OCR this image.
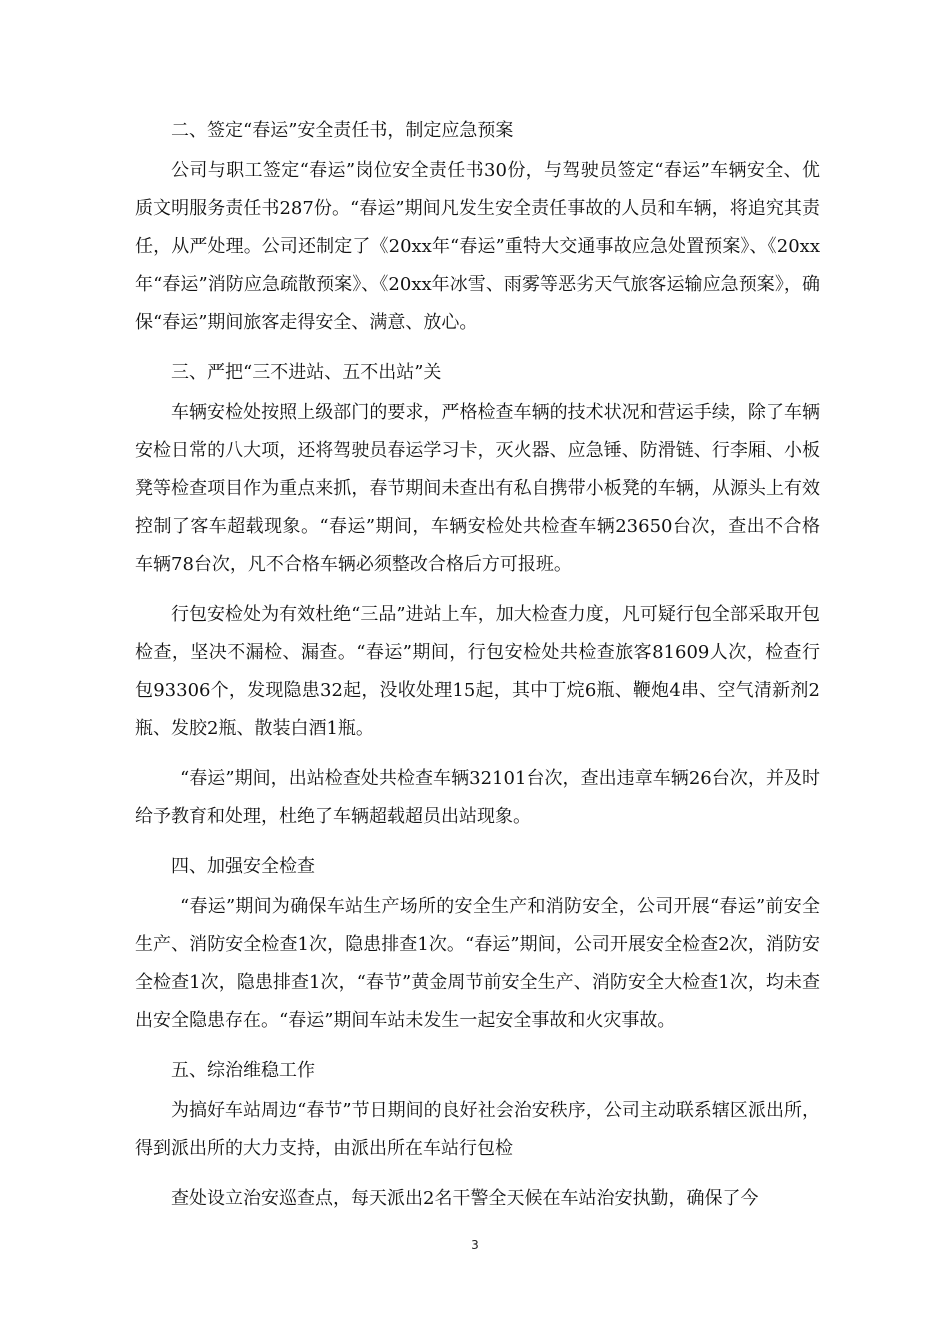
二、签定“春运”安全责任书，制定应急预案

公司与职工签定“春运”岗位安全责任书30份，与驾驶员签定“春运”车辆安全、优质文明服务责任书287份。“春运”期间凡发生安全责任事故的人员和车辆，将追究其责任，从严处理。公司还制定了《20xx年“春运”重特大交通事故应急处置预案》、《20xx年“春运”消防应急疏散预案》、《20xx年冰雪、雨雾等恶劣天气旅客运输应急预案》，确保“春运”期间旅客走得安全、满意、放心。

三、严把“三不进站、五不出站”关

车辆安检处按照上级部门的要求，严格检查车辆的技术状况和营运手续，除了车辆安检日常的八大项，还将驾驶员春运学习卡，灭火器、应急锤、防滑链、行李厢、小板凳等检查项目作为重点来抓，春节期间未查出有私自携带小板凳的车辆，从源头上有效控制了客车超载现象。“春运”期间，车辆安检处共检查车辆23650台次，查出不合格车辆78台次，凡不合格车辆必须整改合格后方可报班。

行包安检处为有效杜绝“三品”进站上车，加大检查力度，凡可疑行包全部采取开包检查，坚决不漏检、漏查。“春运”期间，行包安检处共检查旅客81609人次，检查行包93306个，发现隐患32起，没收处理15起，其中丁烷6瓶、鞭炮4串、空气清新剂2瓶、发胶2瓶、散装白酒1瓶。

“春运”期间，出站检查处共检查车辆32101台次，查出违章车辆26台次，并及时给予教育和处理，杜绝了车辆超载超员出站现象。

四、加强安全检查

“春运”期间为确保车站生产场所的安全生产和消防安全，公司开展“春运”前安全生产、消防安全检查1次，隐患排查1次。“春运”期间，公司开展安全检查2次，消防安全检查1次，隐患排查1次，“春节”黄金周节前安全生产、消防安全大检查1次，均未查出安全隐患存在。“春运”期间车站未发生一起安全事故和火灾事故。

五、综治维稳工作

为搞好车站周边“春节”节日期间的良好社会治安秩序，公司主动联系辖区派出所，得到派出所的大力支持，由派出所在车站行包检

查处设立治安巡查点，每天派出2名干警全天候在车站治安执勤，确保了今

3
